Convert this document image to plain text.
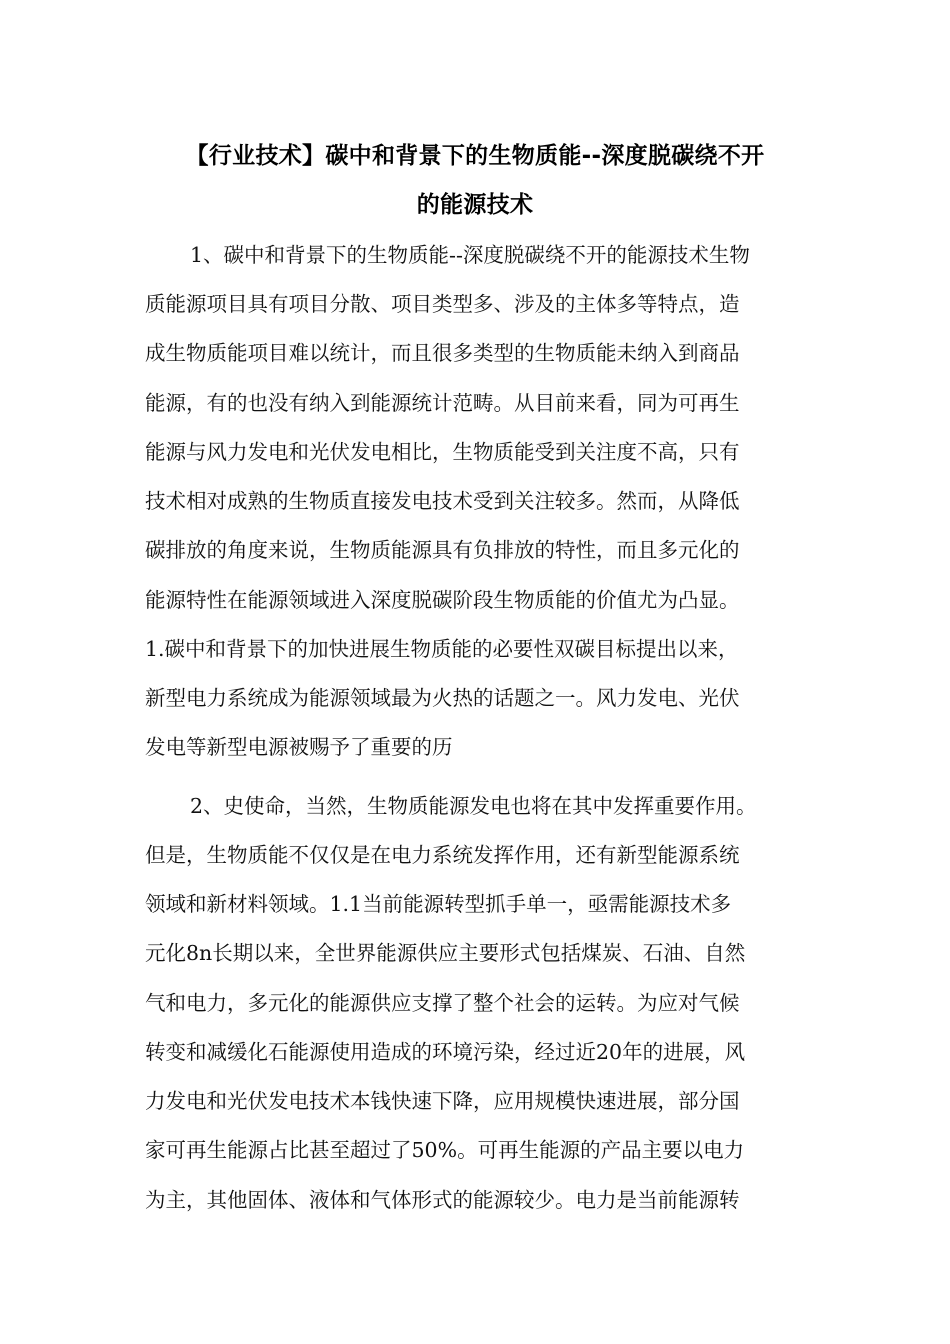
【行业技术】碳中和背景下的生物质能--深度脱碳绕不开
的能源技术
1、碳中和背景下的生物质能--深度脱碳绕不开的能源技术生物
质能源项目具有项目分散、项目类型多、涉及的主体多等特点，造
成生物质能项目难以统计，而且很多类型的生物质能未纳入到商品
能源，有的也没有纳入到能源统计范畴。从目前来看，同为可再生
能源与风力发电和光伏发电相比，生物质能受到关注度不高，只有
技术相对成熟的生物质直接发电技术受到关注较多。然而，从降低
碳排放的角度来说，生物质能源具有负排放的特性，而且多元化的
能源特性在能源领域进入深度脱碳阶段生物质能的价值尤为凸显。
1.碳中和背景下的加快进展生物质能的必要性双碳目标提出以来，
新型电力系统成为能源领域最为火热的话题之一。风力发电、光伏
发电等新型电源被赐予了重要的历
2、史使命，当然，生物质能源发电也将在其中发挥重要作用。
但是，生物质能不仅仅是在电力系统发挥作用，还有新型能源系统
领域和新材料领域。1.1当前能源转型抓手单一，亟需能源技术多
元化8n长期以来，全世界能源供应主要形式包括煤炭、石油、自然
气和电力，多元化的能源供应支撑了整个社会的运转。为应对气候
转变和减缓化石能源使用造成的环境污染，经过近20年的进展，风
力发电和光伏发电技术本钱快速下降，应用规模快速进展，部分国
家可再生能源占比甚至超过了50%。可再生能源的产品主要以电力
为主，其他固体、液体和气体形式的能源较少。电力是当前能源转
